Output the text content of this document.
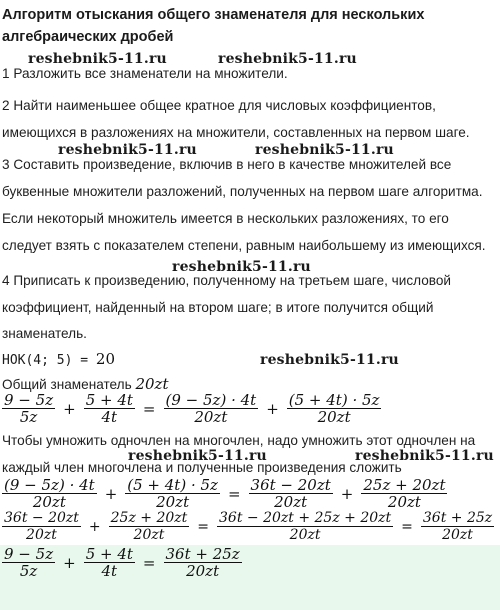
Алгоритм отыскания общего знаменателя для нескольких алгебраических дробей
reshebnik5-11.ru	reshebnik5-11.ru
1 Разложить все знаменатели на множители.
2 Найти наименьшее общее кратное для числовых коэффициентов,
имеющихся в разложениях на множители, составленных на первом шаге.
reshebnik5-11.ru	reshebnik5-11.ru
3 Составить произведение, включив в него в качестве множителей все
буквенные множители разложений, полученных на первом шаге алгоритма.
Если некоторый множитель имеется в нескольких разложениях, то его
следует взять с показателем степени, равным наибольшему из имеющихся.
reshebnik5-11.ru
4 Приписать к произведению, полученному на третьем шаге, числовой
коэффициент, найденный на втором шаге; в итоге получится общий
знаменатель.
НОК(4; 5) = 20	reshebnik5-11.ru
Общий знаменатель 20zt
$\frac{9 - 5z}{5z} + \frac{5 + 4t}{4t} = \frac{(9 - 5z) \cdot 4t}{20zt} + \frac{(5 + 4t) \cdot 5z}{20zt}$
Чтобы умножить одночлен на многочлен, надо умножить этот одночлен на
reshebnik5-11.ru	reshebnik5-11.ru
каждый член многочлена и полученные произведения сложить
$\frac{(9 - 5z) \cdot 4t}{20zt} + \frac{(5 + 4t) \cdot 5z}{20zt} = \frac{36t - 20zt}{20zt} + \frac{25z + 20zt}{20zt}$
$\frac{36t - 20zt}{20zt} + \frac{25z + 20zt}{20zt} = \frac{36t - 20zt + 25z + 20zt}{20zt} = \frac{36t + 25z}{20zt}$
$\frac{9 - 5z}{5z} + \frac{5 + 4t}{4t} = \frac{36t + 25z}{20zt}$
